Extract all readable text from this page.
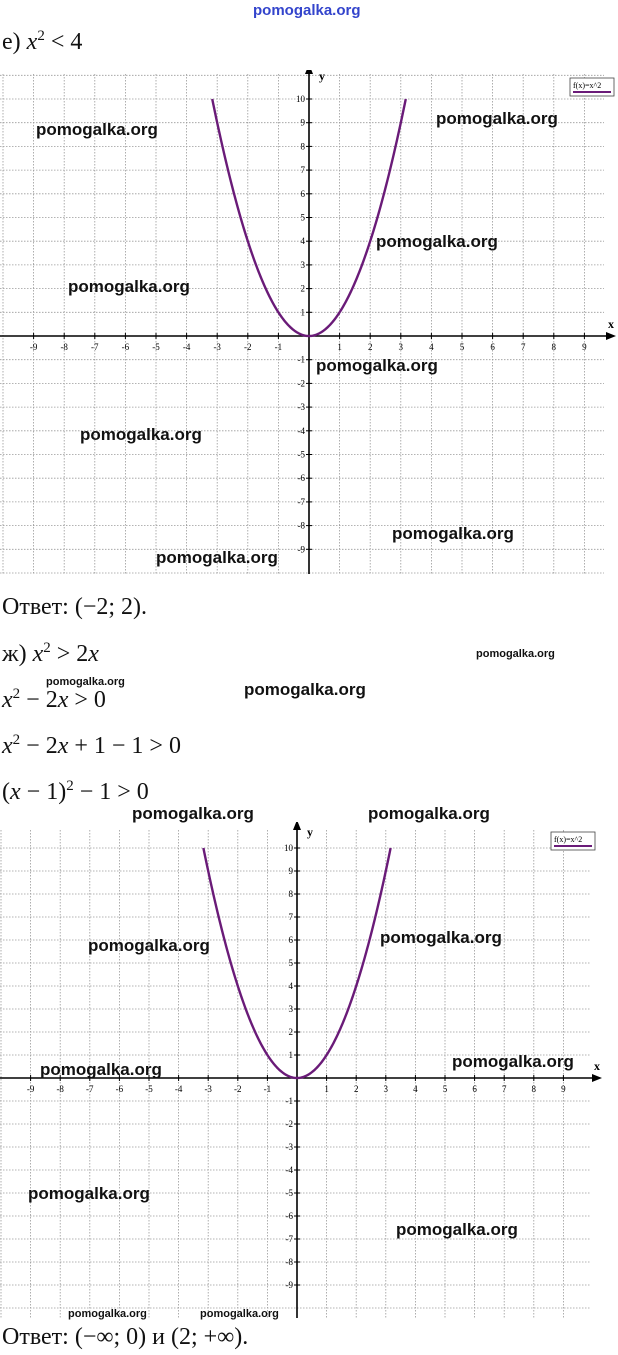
pomogalka.org
е) $x^2 < 4$
x
y
-9	-8	-7	-6	-5	-4	-3	-2	-1	1	2	3	4	5	6	7	8	9
-9
-8
-7
-6
-5
-4
-3
-2
-1
1
2
3
4
5
6
7
8
9
10
f(x)=x^2
pomogalka.org
pomogalka.org
pomogalka.org
pomogalka.org
pomogalka.org
pomogalka.org
pomogalka.org
pomogalka.org
Ответ: (−2; 2).
ж) $x^2 > 2x$	pomogalka.org
$x^2 - 2x > 0$
pomogalka.org	pomogalka.org
$x^2 - 2x + 1 - 1 > 0$
$(x - 1)^2 - 1 > 0$
x
y
-9 -8 -7 -6 -5 -4 -3 -2 -1	1	2	3	4	5	6	7	8	9
-9
-8
-7
-6
-5
-4
-3
-2
-1
1
2
3
4
5
6
7
8
9
10
f(x)=x^2
pomogalka.org	pomogalka.org
pomogalka.org	pomogalka.org
pomogalka.org	pomogalka.org
pomogalka.org
pomogalka.org
pomogalka.org	pomogalka.org
Ответ: (−∞; 0) и (2; +∞).
